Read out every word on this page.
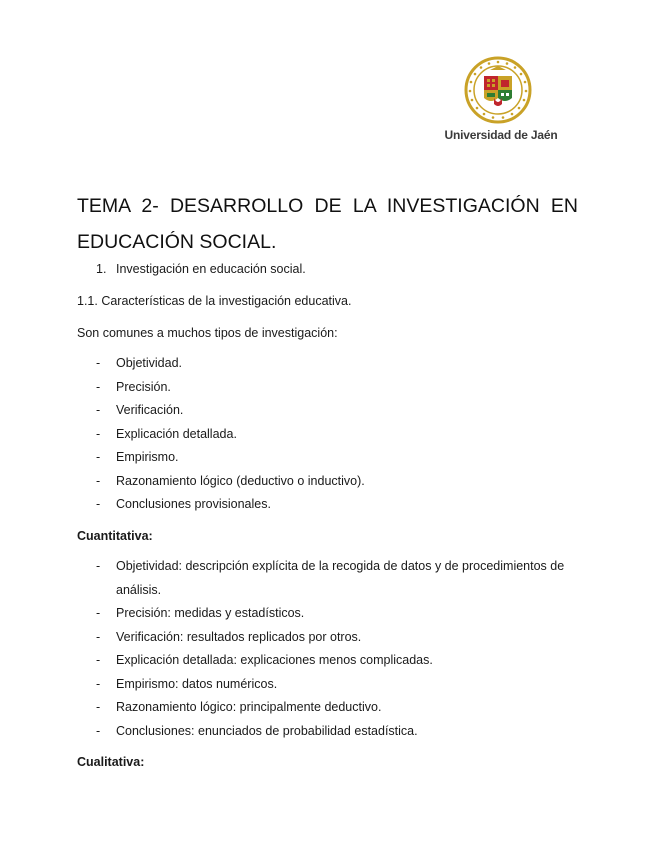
Universidad de Jaén
TEMA 2- DESARROLLO DE LA INVESTIGACIÓN EN EDUCACIÓN SOCIAL.

1. Investigación en educación social.

1.1. Características de la investigación educativa.

Son comunes a muchos tipos de investigación:

- Objetividad.
- Precisión.
- Verificación.
- Explicación detallada.
- Empirismo.
- Razonamiento lógico (deductivo o inductivo).
- Conclusiones provisionales.

Cuantitativa:

- Objetividad: descripción explícita de la recogida de datos y de procedimientos de análisis.
- Precisión: medidas y estadísticos.
- Verificación: resultados replicados por otros.
- Explicación detallada: explicaciones menos complicadas.
- Empirismo: datos numéricos.
- Razonamiento lógico: principalmente deductivo.
- Conclusiones: enunciados de probabilidad estadística.

Cualitativa:
